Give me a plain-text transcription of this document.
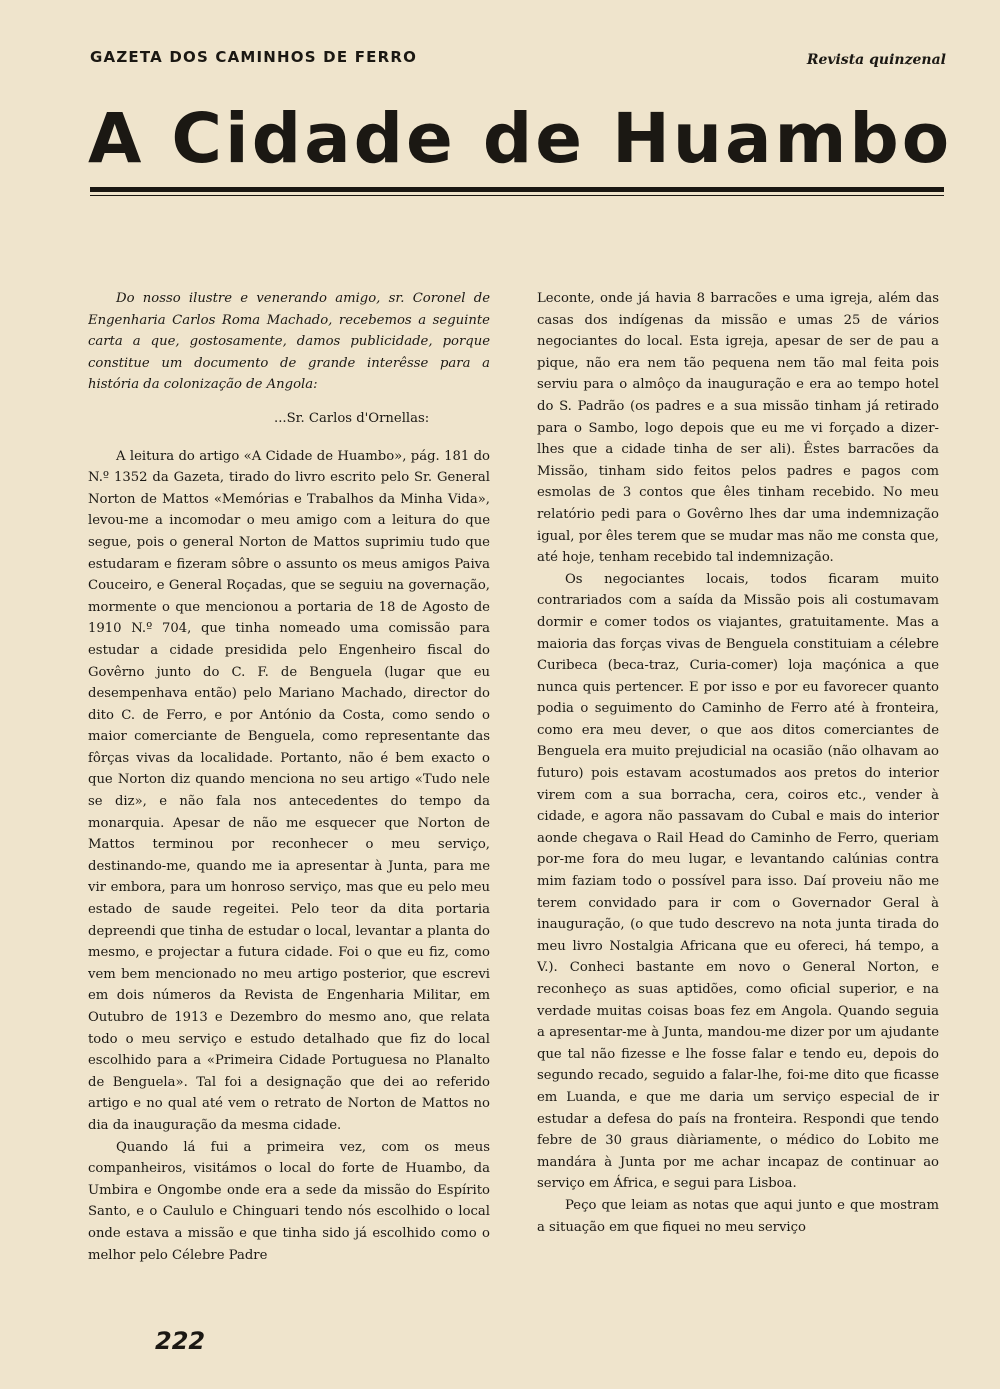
GAZETA DOS CAMINHOS DE FERRO	Revista quinzenal
A Cidade de Huambo

Do nosso ilustre e venerando amigo, sr. Coronel de Engenharia Carlos Roma Machado, recebemos a seguinte carta a que, gostosamente, damos publicidade, porque constitue um documento de grande interêsse para a história da colonização de Angola:

...Sr. Carlos d'Ornellas:

A leitura do artigo «A Cidade de Huambo», pág. 181 do N.º 1352 da Gazeta, tirado do livro escrito pelo Sr. General Norton de Mattos «Memórias e Trabalhos da Minha Vida», levou-me a incomodar o meu amigo com a leitura do que segue, pois o general Norton de Mattos suprimiu tudo que estudaram e fizeram sôbre o assunto os meus amigos Paiva Couceiro, e General Roçadas, que se seguiu na governação, mormente o que mencionou a portaria de 18 de Agosto de 1910 N.º 704, que tinha nomeado uma comissão para estudar a cidade presidida pelo Engenheiro fiscal do Govêrno junto do C. F. de Benguela (lugar que eu desempenhava então) pelo Mariano Machado, director do dito C. de Ferro, e por António da Costa, como sendo o maior comerciante de Benguela, como representante das fôrças vivas da localidade. Portanto, não é bem exacto o que Norton diz quando menciona no seu artigo «Tudo nele se diz», e não fala nos antecedentes do tempo da monarquia. Apesar de não me esquecer que Norton de Mattos terminou por reconhecer o meu serviço, destinando-me, quando me ia apresentar à Junta, para me vir embora, para um honroso serviço, mas que eu pelo meu estado de saude regeitei. Pelo teor da dita portaria depreendi que tinha de estudar o local, levantar a planta do mesmo, e projectar a futura cidade. Foi o que eu fiz, como vem bem mencionado no meu artigo posterior, que escrevi em dois números da Revista de Engenharia Militar, em Outubro de 1913 e Dezembro do mesmo ano, que relata todo o meu serviço e estudo detalhado que fiz do local escolhido para a «Primeira Cidade Portuguesa no Planalto de Benguela». Tal foi a designação que dei ao referido artigo e no qual até vem o retrato de Norton de Mattos no dia da inauguração da mesma cidade.

Quando lá fui a primeira vez, com os meus companheiros, visitámos o local do forte de Huambo, da Umbira e Ongombe onde era a sede da missão do Espírito Santo, e o Caululo e Chinguari tendo nós escolhido o local onde estava a missão e que tinha sido já escolhido como o melhor pelo Célebre Padre

Leconte, onde já havia 8 barracões e uma igreja, além das casas dos indígenas da missão e umas 25 de vários negociantes do local. Esta igreja, apesar de ser de pau a pique, não era nem tão pequena nem tão mal feita pois serviu para o almôço da inauguração e era ao tempo hotel do S. Padrão (os padres e a sua missão tinham já retirado para o Sambo, logo depois que eu me vi forçado a dizer-lhes que a cidade tinha de ser ali). Êstes barracões da Missão, tinham sido feitos pelos padres e pagos com esmolas de 3 contos que êles tinham recebido. No meu relatório pedi para o Govêrno lhes dar uma indemnização igual, por êles terem que se mudar mas não me consta que, até hoje, tenham recebido tal indemnização.

Os negociantes locais, todos ficaram muito contrariados com a saída da Missão pois ali costumavam dormir e comer todos os viajantes, gratuitamente. Mas a maioria das forças vivas de Benguela constituiam a célebre Curibeca (beca-traz, Curia-comer) loja maçónica a que nunca quis pertencer. E por isso e por eu favorecer quanto podia o seguimento do Caminho de Ferro até à fronteira, como era meu dever, o que aos ditos comerciantes de Benguela era muito prejudicial na ocasião (não olhavam ao futuro) pois estavam acostumados aos pretos do interior virem com a sua borracha, cera, coiros etc., vender à cidade, e agora não passavam do Cubal e mais do interior aonde chegava o Rail Head do Caminho de Ferro, queriam por-me fora do meu lugar, e levantando calúnias contra mim faziam todo o possível para isso. Daí proveiu não me terem convidado para ir com o Governador Geral à inauguração, (o que tudo descrevo na nota junta tirada do meu livro Nostalgia Africana que eu ofereci, há tempo, a V.). Conheci bastante em novo o General Norton, e reconheço as suas aptidões, como oficial superior, e na verdade muitas coisas boas fez em Angola. Quando seguia a apresentar-me à Junta, mandou-me dizer por um ajudante que tal não fizesse e lhe fosse falar e tendo eu, depois do segundo recado, seguido a falar-lhe, foi-me dito que ficasse em Luanda, e que me daria um serviço especial de ir estudar a defesa do país na fronteira. Respondi que tendo febre de 30 graus diàriamente, o médico do Lobito me mandára à Junta por me achar incapaz de continuar ao serviço em África, e segui para Lisboa.

Peço que leiam as notas que aqui junto e que mostram a situação em que fiquei no meu serviço

222
